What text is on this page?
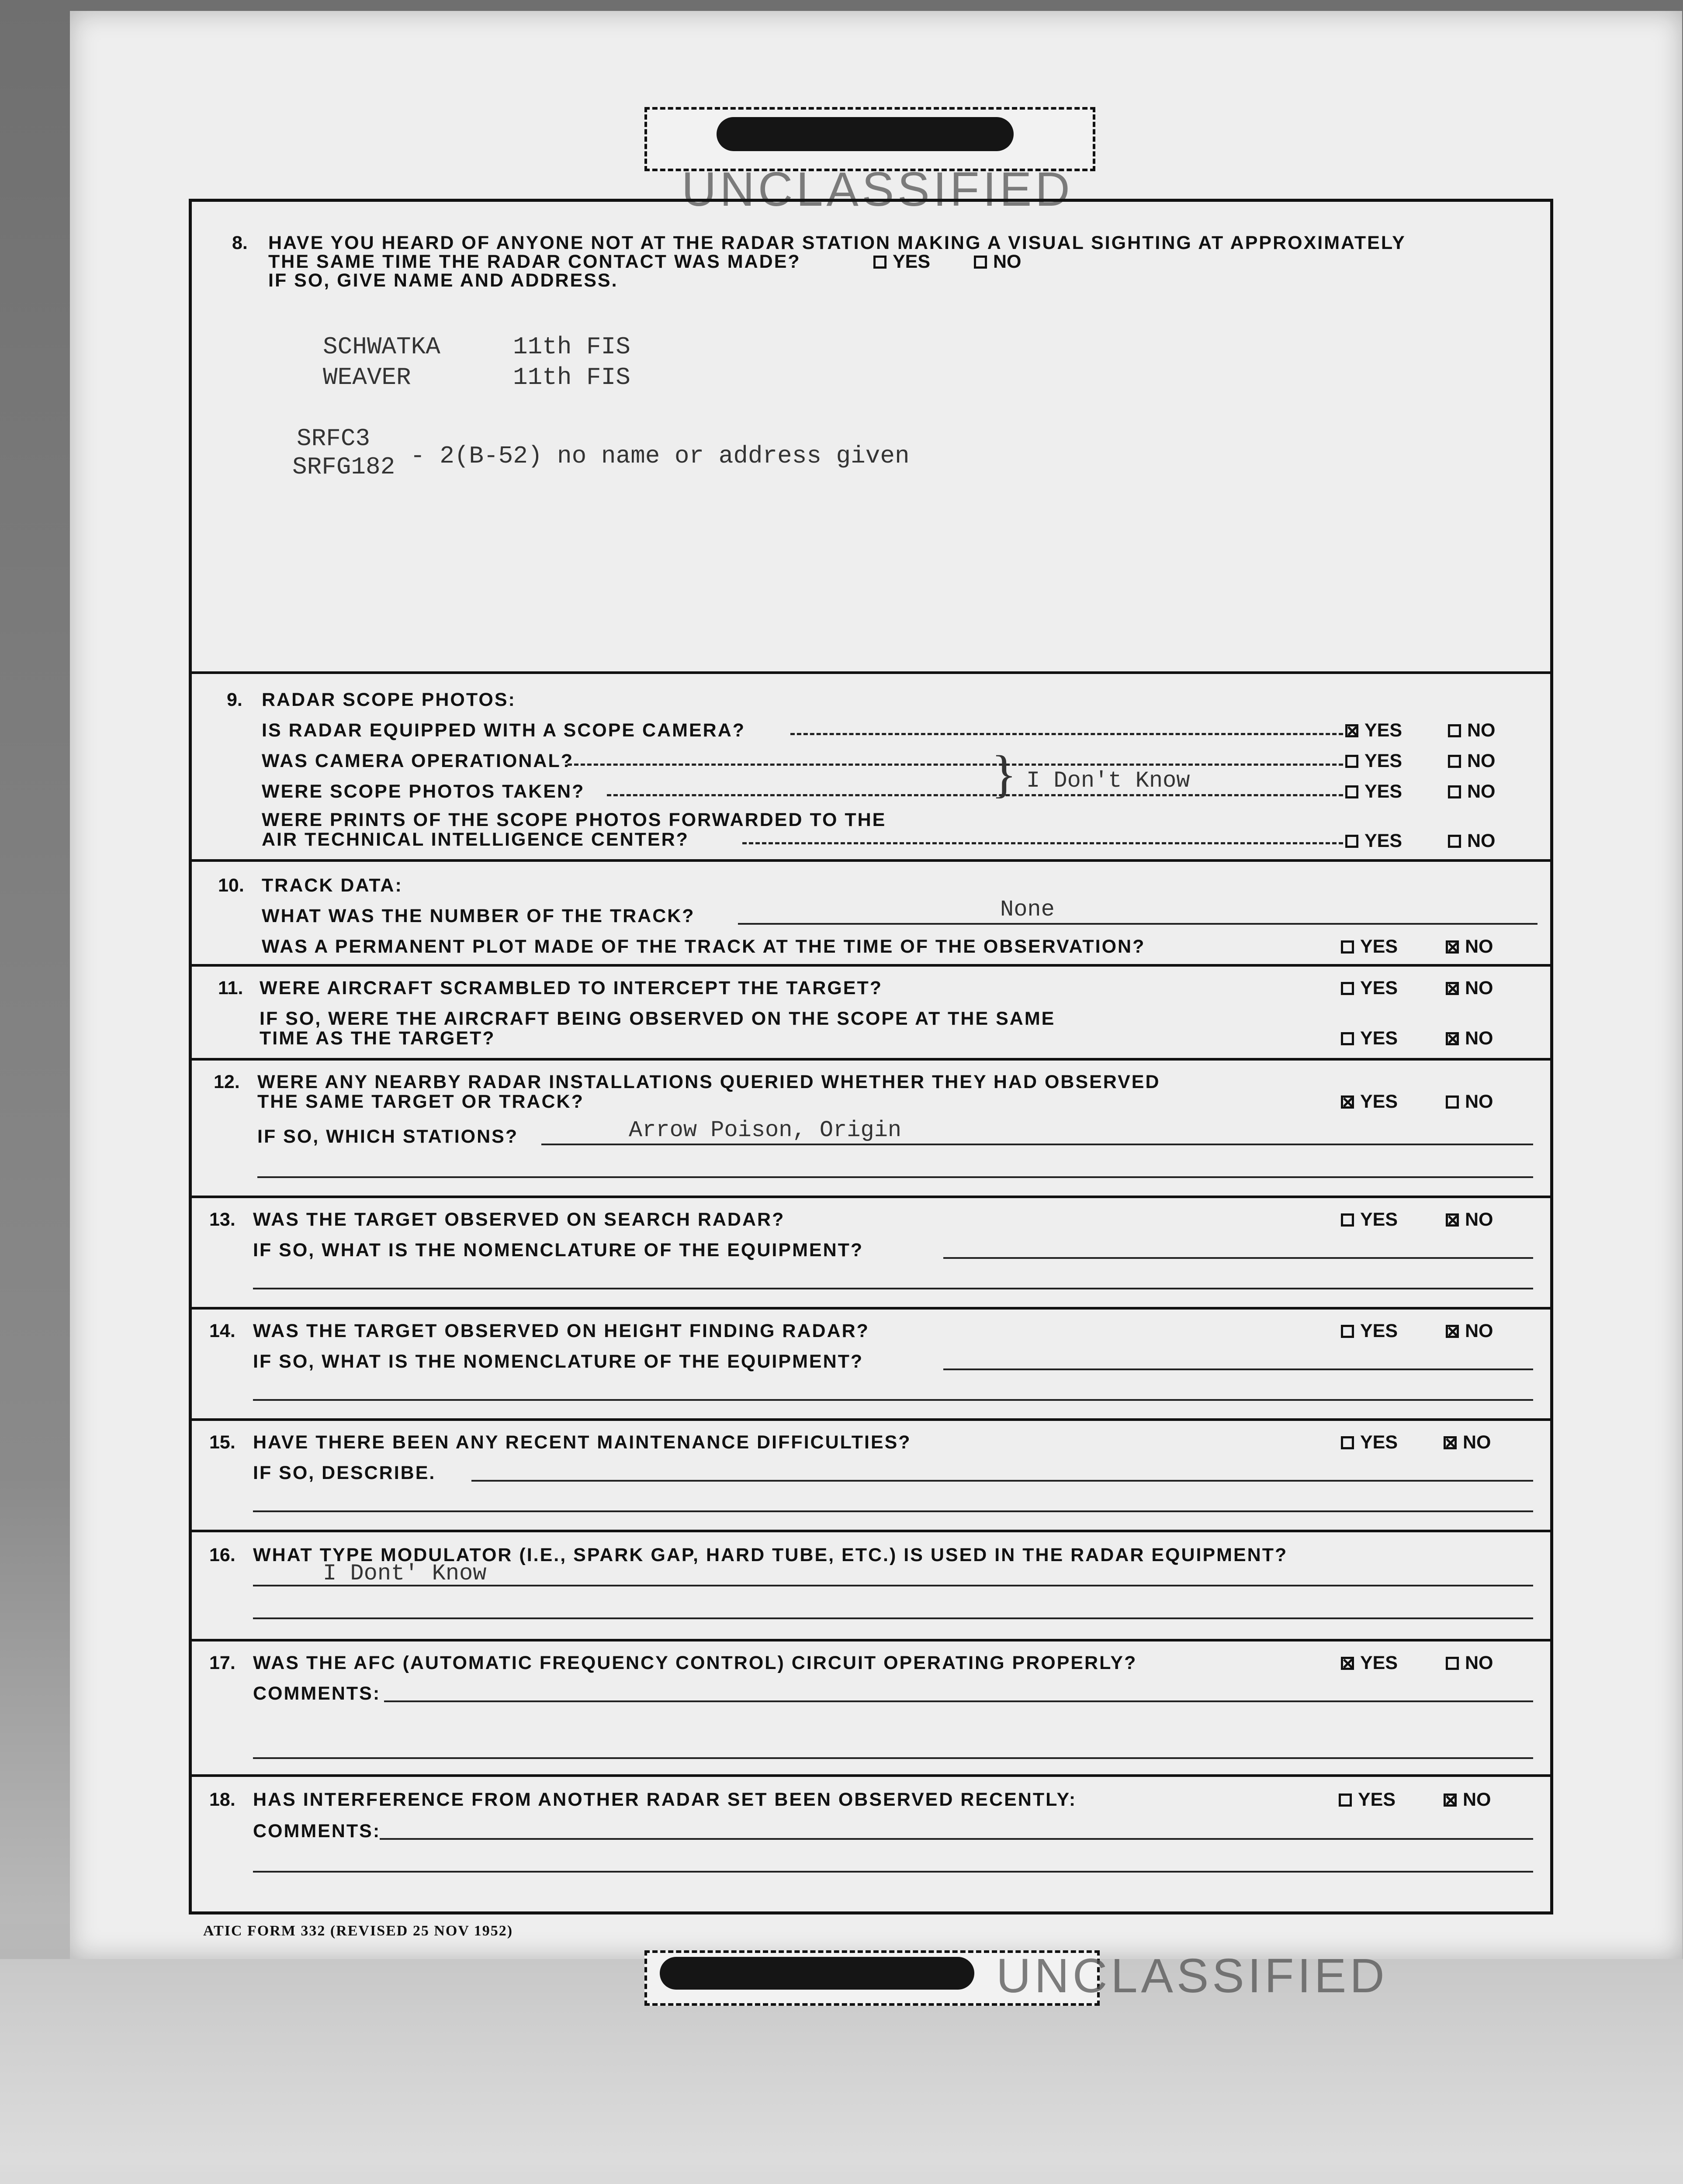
UNCLASSIFIED
8. HAVE YOU HEARD OF ANYONE NOT AT THE RADAR STATION MAKING A VISUAL SIGHTING AT APPROXIMATELY
THE SAME TIME THE RADAR CONTACT WAS MADE?	YES	NO
IF SO, GIVE NAME AND ADDRESS.
SCHWATKA	11th FIS
WEAVER	11th FIS
SRFC3
SRFG182 - 2(B-52) no name or address given
9. RADAR SCOPE PHOTOS:
IS RADAR EQUIPPED WITH A SCOPE CAMERA?	YES	NO
WAS CAMERA OPERATIONAL?	YES	NO
WERE SCOPE PHOTOS TAKEN?	YES	NO
} I Don't Know
WERE PRINTS OF THE SCOPE PHOTOS FORWARDED TO THE
AIR TECHNICAL INTELLIGENCE CENTER?	YES	NO
10. TRACK DATA:
WHAT WAS THE NUMBER OF THE TRACK?	None
WAS A PERMANENT PLOT MADE OF THE TRACK AT THE TIME OF THE OBSERVATION?	YES	NO
11. WERE AIRCRAFT SCRAMBLED TO INTERCEPT THE TARGET?	YES	NO
IF SO, WERE THE AIRCRAFT BEING OBSERVED ON THE SCOPE AT THE SAME
TIME AS THE TARGET?	YES	NO
12. WERE ANY NEARBY RADAR INSTALLATIONS QUERIED WHETHER THEY HAD OBSERVED
THE SAME TARGET OR TRACK?	YES	NO
IF SO, WHICH STATIONS?	Arrow Poison, Origin
13. WAS THE TARGET OBSERVED ON SEARCH RADAR?	YES	NO
IF SO, WHAT IS THE NOMENCLATURE OF THE EQUIPMENT?
14. WAS THE TARGET OBSERVED ON HEIGHT FINDING RADAR?	YES	NO
IF SO, WHAT IS THE NOMENCLATURE OF THE EQUIPMENT?
15. HAVE THERE BEEN ANY RECENT MAINTENANCE DIFFICULTIES?	YES	NO
IF SO, DESCRIBE.
16. WHAT TYPE MODULATOR (I.E., SPARK GAP, HARD TUBE, ETC.) IS USED IN THE RADAR EQUIPMENT?
I Dont' Know
17. WAS THE AFC (AUTOMATIC FREQUENCY CONTROL) CIRCUIT OPERATING PROPERLY?	YES	NO
COMMENTS:
18. HAS INTERFERENCE FROM ANOTHER RADAR SET BEEN OBSERVED RECENTLY:	YES	NO
COMMENTS:
ATIC FORM 332 (REVISED 25 NOV 1952)
UNCLASSIFIED
